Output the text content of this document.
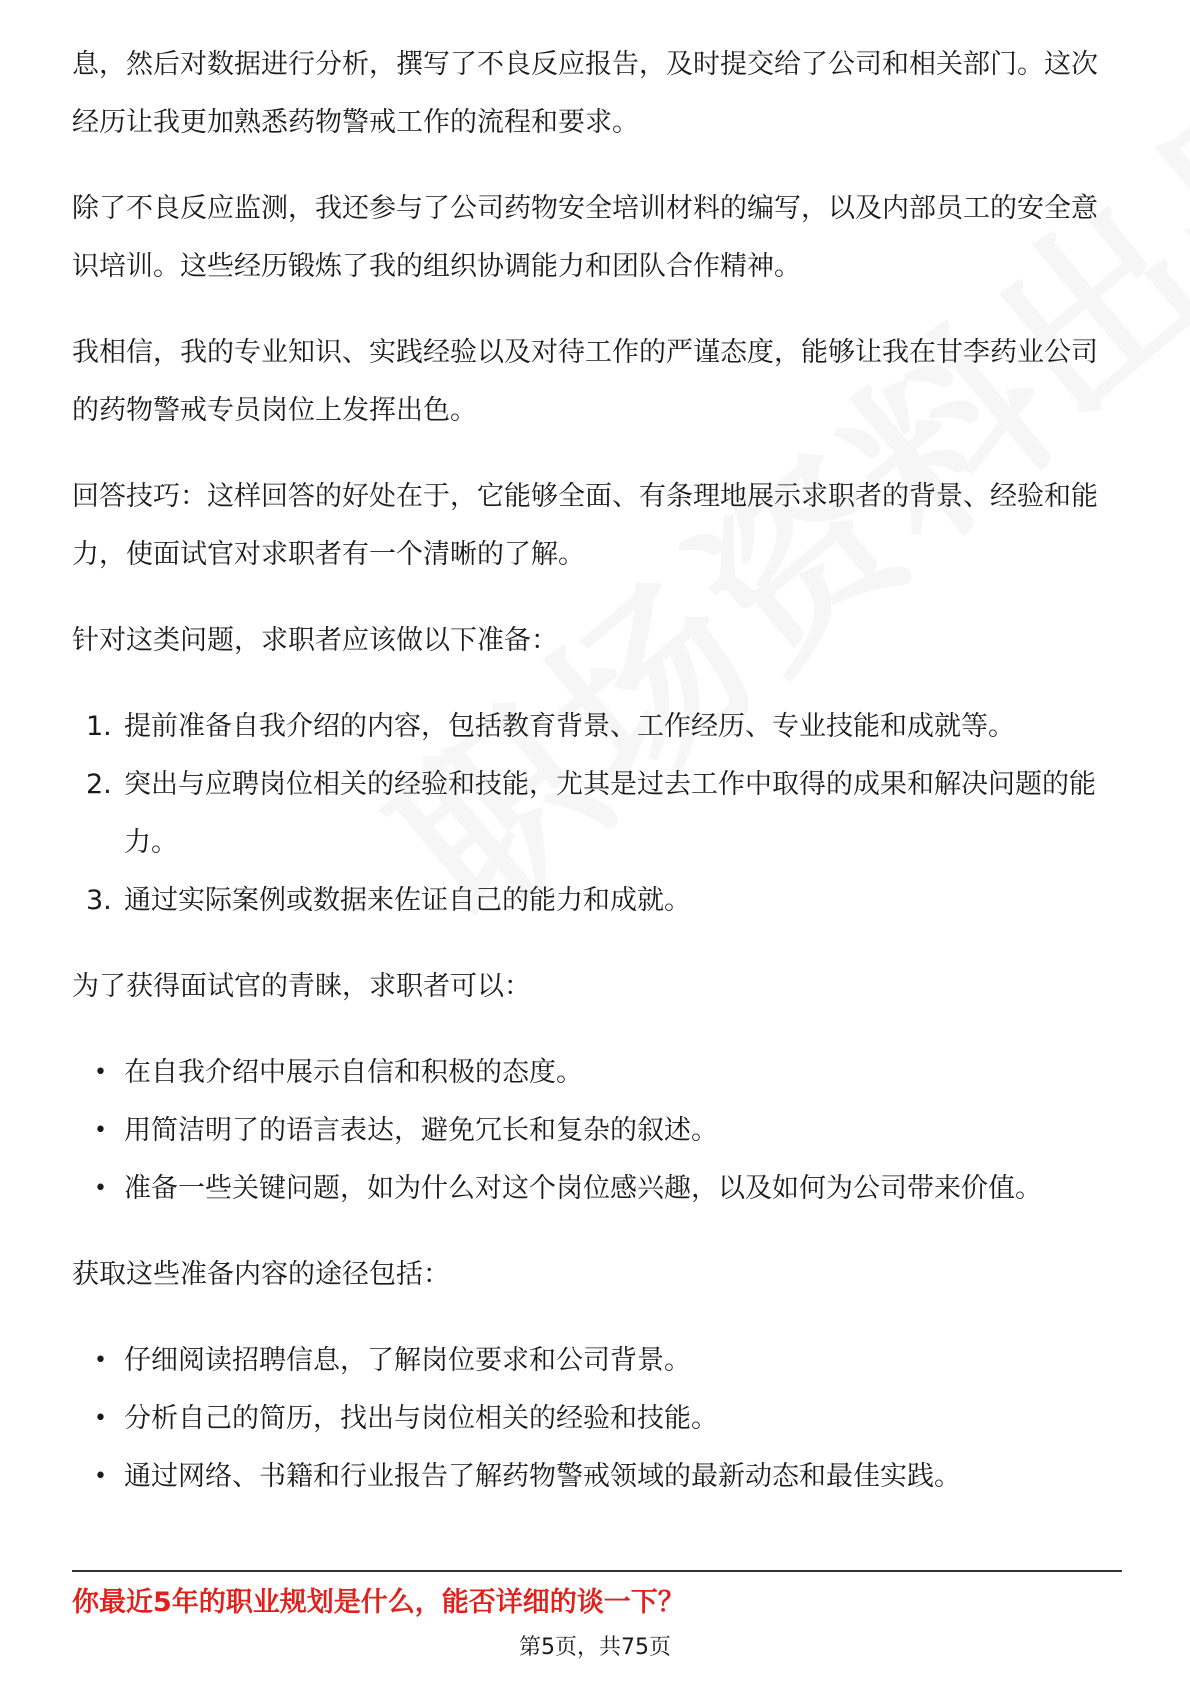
息，然后对数据进行分析，撰写了不良反应报告，及时提交给了公司和相关部门。这次经历让我更加熟悉药物警戒工作的流程和要求。

除了不良反应监测，我还参与了公司药物安全培训材料的编写，以及内部员工的安全意识培训。这些经历锻炼了我的组织协调能力和团队合作精神。

我相信，我的专业知识、实践经验以及对待工作的严谨态度，能够让我在甘李药业公司的药物警戒专员岗位上发挥出色。

回答技巧：这样回答的好处在于，它能够全面、有条理地展示求职者的背景、经验和能力，使面试官对求职者有一个清晰的了解。

针对这类问题，求职者应该做以下准备：

1. 提前准备自我介绍的内容，包括教育背景、工作经历、专业技能和成就等。
2. 突出与应聘岗位相关的经验和技能，尤其是过去工作中取得的成果和解决问题的能力。
3. 通过实际案例或数据来佐证自己的能力和成就。

为了获得面试官的青睐，求职者可以：

• 在自我介绍中展示自信和积极的态度。
• 用简洁明了的语言表达，避免冗长和复杂的叙述。
• 准备一些关键问题，如为什么对这个岗位感兴趣，以及如何为公司带来价值。

获取这些准备内容的途径包括：

• 仔细阅读招聘信息，了解岗位要求和公司背景。
• 分析自己的简历，找出与岗位相关的经验和技能。
• 通过网络、书籍和行业报告了解药物警戒领域的最新动态和最佳实践。
你最近5年的职业规划是什么，能否详细的谈一下？
第5页，共75页
